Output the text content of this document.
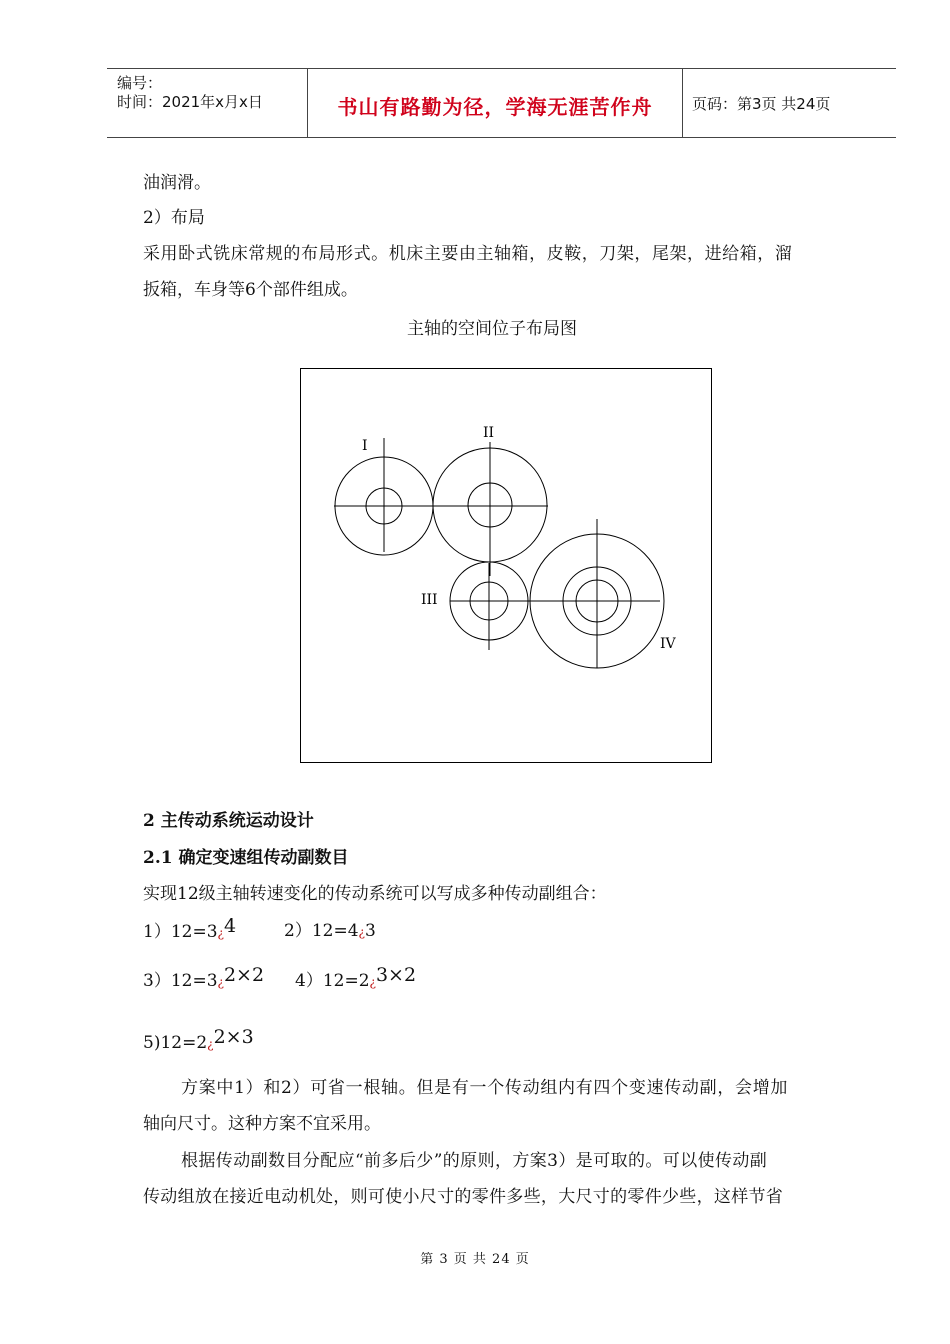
编号：
时间：2021年x月x日	书山有路勤为径，学海无涯苦作舟	页码：第3页 共24页
油润滑。
2）布局
采用卧式铣床常规的布局形式。机床主要由主轴箱，皮鞍，刀架，尾架，进给箱，溜
扳箱，车身等6个部件组成。
主轴的空间位子布局图
I
II
III
IV
2 主传动系统运动设计
2.1 确定变速组传动副数目
实现12级主轴转速变化的传动系统可以写成多种传动副组合：
1）12=3¿4	2）12=4¿3
3）12=3¿2×2 4）12=2¿3×2
5)12=2¿2×3
方案中1）和2）可省一根轴。但是有一个传动组内有四个变速传动副，会增加
轴向尺寸。这种方案不宜采用。
根据传动副数目分配应“前多后少”的原则，方案3）是可取的。可以使传动副
传动组放在接近电动机处，则可使小尺寸的零件多些，大尺寸的零件少些，这样节省
第 3 页 共 24 页
